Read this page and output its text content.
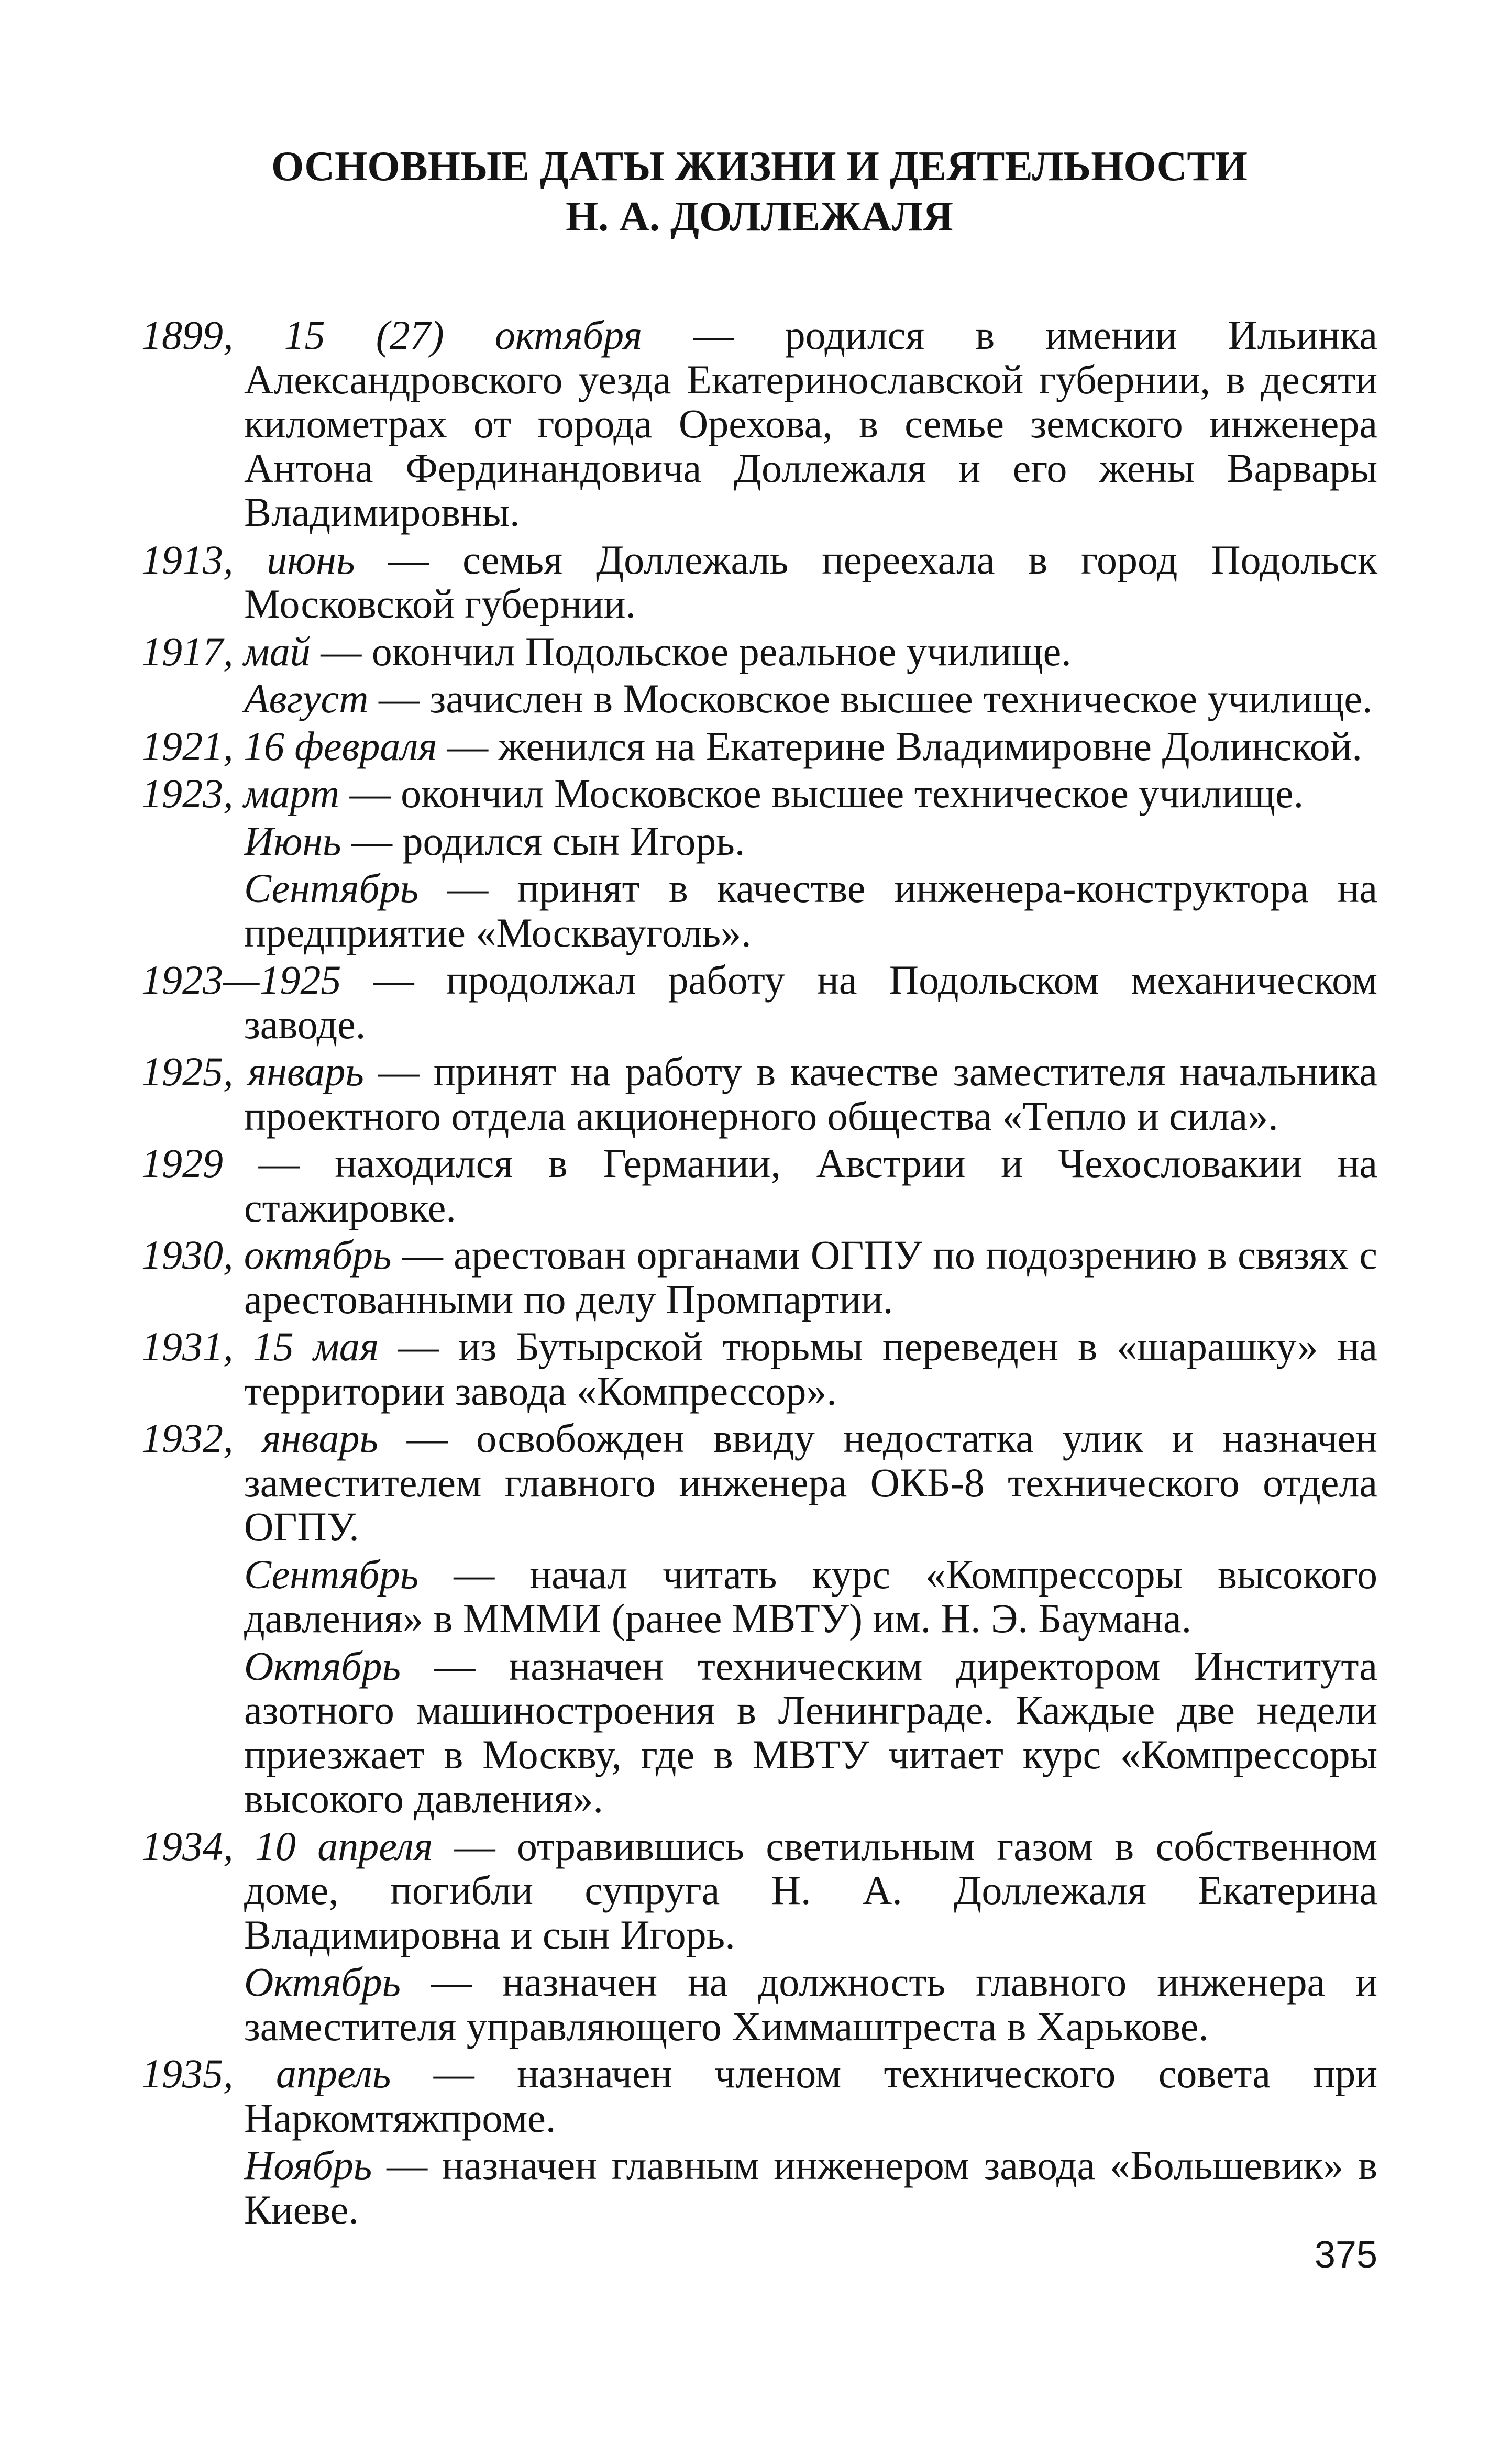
ОСНОВНЫЕ ДАТЫ ЖИЗНИ И ДЕЯТЕЛЬНОСТИ
Н. А. ДОЛЛЕЖАЛЯ

1899, 15 (27) октября — родился в имении Ильинка Александровского уезда Екатеринославской губернии, в десяти километрах от города Орехова, в семье земского инженера Антона Фердинандовича Доллежаля и его жены Варвары Владимировны.

1913, июнь — семья Доллежаль переехала в город Подольск Московской губернии.

1917, май — окончил Подольское реальное училище.

Август — зачислен в Московское высшее техническое училище.

1921, 16 февраля — женился на Екатерине Владимировне Долинской.

1923, март — окончил Московское высшее техническое училище.

Июнь — родился сын Игорь.

Сентябрь — принят в качестве инженера-конструктора на предприятие «Москвауголь».

1923—1925 — продолжал работу на Подольском механическом заводе.

1925, январь — принят на работу в качестве заместителя начальника проектного отдела акционерного общества «Тепло и сила».

1929 — находился в Германии, Австрии и Чехословакии на стажировке.

1930, октябрь — арестован органами ОГПУ по подозрению в связях с арестованными по делу Промпартии.

1931, 15 мая — из Бутырской тюрьмы переведен в «шарашку» на территории завода «Компрессор».

1932, январь — освобожден ввиду недостатка улик и назначен заместителем главного инженера ОКБ-8 технического отдела ОГПУ.

Сентябрь — начал читать курс «Компрессоры высокого давления» в МММИ (ранее МВТУ) им. Н. Э. Баумана.

Октябрь — назначен техническим директором Института азотного машиностроения в Ленинграде. Каждые две недели приезжает в Москву, где в МВТУ читает курс «Компрессоры высокого давления».

1934, 10 апреля — отравившись светильным газом в собственном доме, погибли супруга Н. А. Доллежаля Екатерина Владимировна и сын Игорь.

Октябрь — назначен на должность главного инженера и заместителя управляющего Химмаштреста в Харькове.

1935, апрель — назначен членом технического совета при Наркомтяжпроме.

Ноябрь — назначен главным инженером завода «Большевик» в Киеве.

375
